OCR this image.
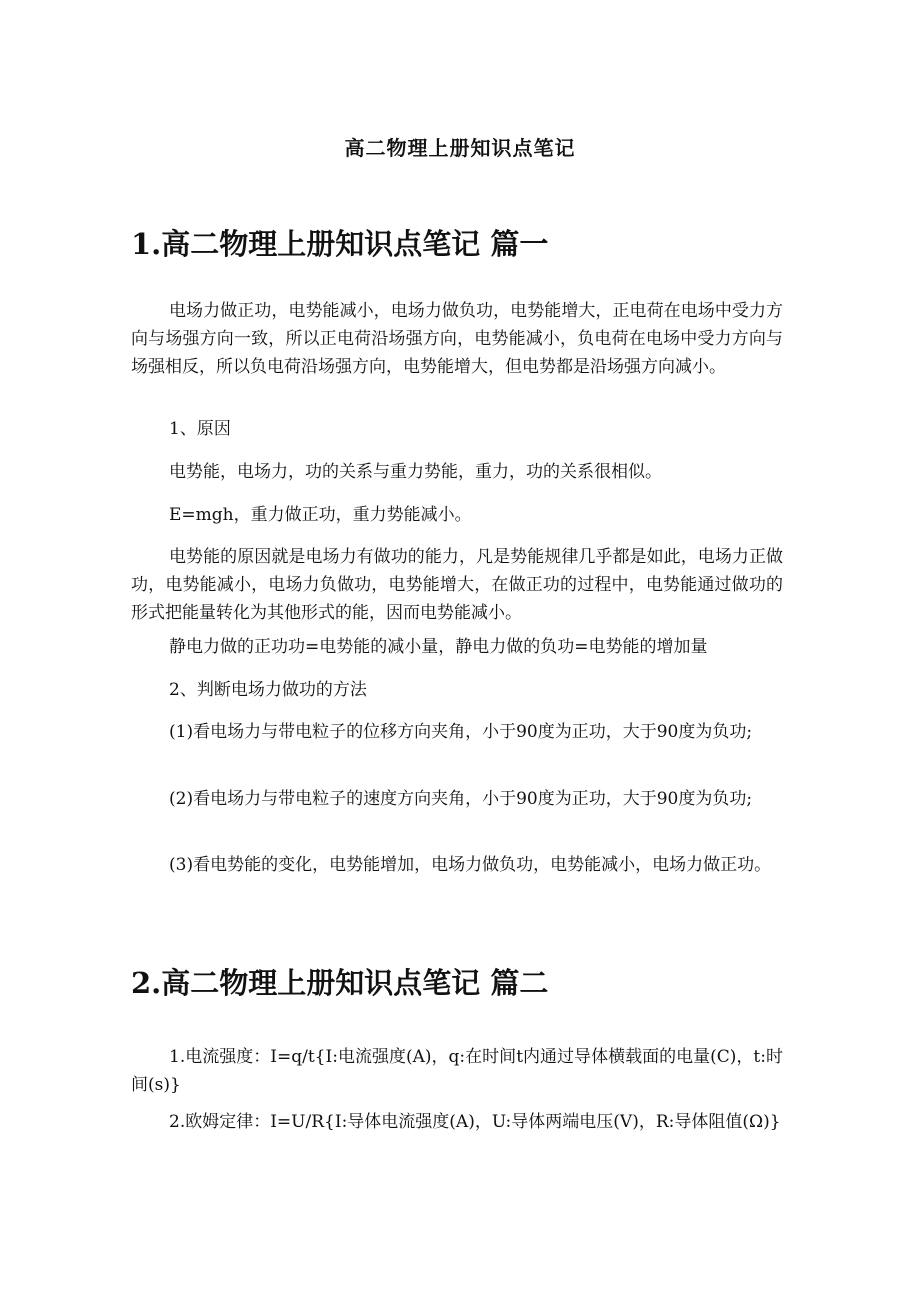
高二物理上册知识点笔记
1.高二物理上册知识点笔记 篇一

电场力做正功，电势能减小，电场力做负功，电势能增大，正电荷在电场中受力方向与场强方向一致，所以正电荷沿场强方向，电势能减小，负电荷在电场中受力方向与场强相反，所以负电荷沿场强方向，电势能增大，但电势都是沿场强方向减小。

1、原因

电势能，电场力，功的关系与重力势能，重力，功的关系很相似。

E=mgh，重力做正功，重力势能减小。

电势能的原因就是电场力有做功的能力，凡是势能规律几乎都是如此，电场力正做功，电势能减小，电场力负做功，电势能增大，在做正功的过程中，电势能通过做功的形式把能量转化为其他形式的能，因而电势能减小。

静电力做的正功功=电势能的减小量，静电力做的负功=电势能的增加量

2、判断电场力做功的方法

(1)看电场力与带电粒子的位移方向夹角，小于90度为正功，大于90度为负功;

(2)看电场力与带电粒子的速度方向夹角，小于90度为正功，大于90度为负功;

(3)看电势能的变化，电势能增加，电场力做负功，电势能减小，电场力做正功。

2.高二物理上册知识点笔记 篇二

1.电流强度：I=q/t{I:电流强度(A)，q:在时间t内通过导体横载面的电量(C)，t:时间(s)}

2.欧姆定律：I=U/R{I:导体电流强度(A)，U:导体两端电压(V)，R:导体阻值(Ω)}
